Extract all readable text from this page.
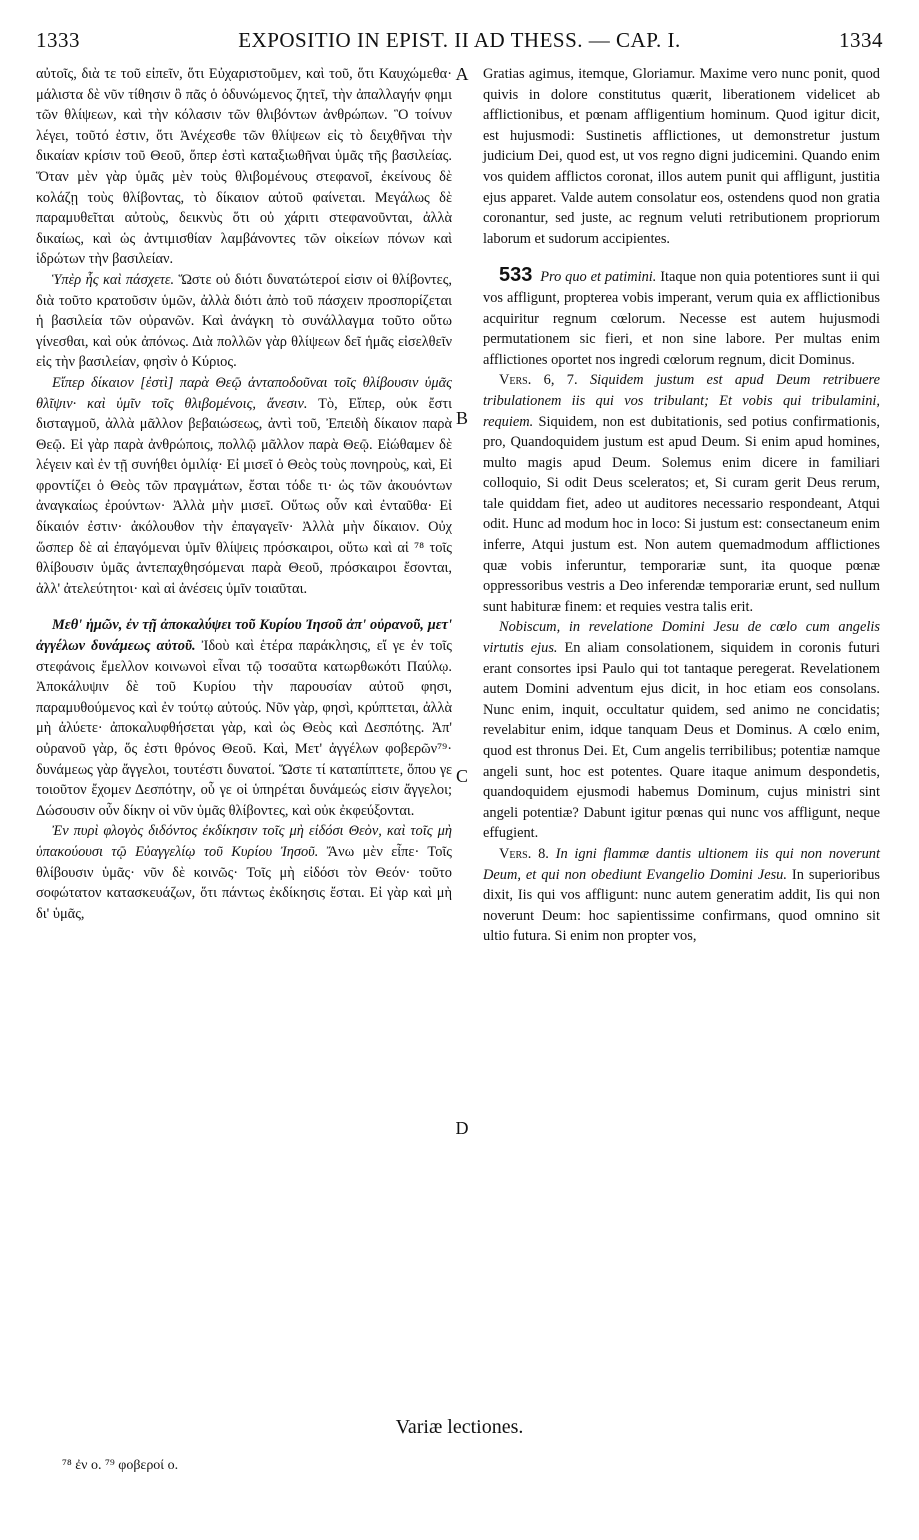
1333	EXPOSITIO IN EPIST. II AD THESS. — CAP. I.	1334

αὐτοῖς, διὰ τε τοῦ εἰπεῖν, ὅτι Εὐχαριστοῦμεν, καὶ τοῦ, ὅτι Καυχώμεθα· μάλιστα δὲ νῦν τίθησιν ὃ πᾶς ὁ ὀδυνώμενος ζητεῖ, τὴν ἀπαλλαγήν φημι τῶν θλίψεων, καὶ τὴν κόλασιν τῶν θλιβόντων ἀνθρώπων. Ὃ τοίνυν λέγει, τοῦτό ἐστιν, ὅτι Ἀνέχεσθε τῶν θλίψεων εἰς τὸ δειχθῆναι τὴν δικαίαν κρίσιν τοῦ Θεοῦ, ὅπερ ἐστὶ καταξιωθῆναι ὑμᾶς τῆς βασιλείας. Ὅταν μὲν γὰρ ὑμᾶς μὲν τοὺς θλιβομένους στεφανοῖ, ἐκείνους δὲ κολάζῃ τοὺς θλίβοντας, τὸ δίκαιον αὐτοῦ φαίνεται. Μεγάλως δὲ παραμυθεῖται αὐτοὺς, δεικνὺς ὅτι οὐ χάριτι στεφανοῦνται, ἀλλὰ δικαίως, καὶ ὡς ἀντιμισθίαν λαμβάνοντες τῶν οἰκείων πόνων καὶ ἱδρώτων τὴν βασιλείαν.

Ὑπὲρ ἧς καὶ πάσχετε. Ὥστε οὐ διότι δυνατώτεροί εἰσιν οἱ θλίβοντες, διὰ τοῦτο κρατοῦσιν ὑμῶν, ἀλλὰ διότι ἀπὸ τοῦ πάσχειν προσπορίζεται ἡ βασιλεία τῶν οὐρανῶν. Καὶ ἀνάγκη τὸ συνάλλαγμα τοῦτο οὕτω γίνεσθαι, καὶ οὐκ ἀπόνως. Διὰ πολλῶν γὰρ θλίψεων δεῖ ἡμᾶς εἰσελθεῖν εἰς τὴν βασιλείαν, φησὶν ὁ Κύριος.

Εἴπερ δίκαιον [ἐστὶ] παρὰ Θεῷ ἀνταποδοῦναι τοῖς θλίβουσιν ὑμᾶς θλῖψιν· καὶ ὑμῖν τοῖς θλιβομένοις, ἄνεσιν. Τὸ, Εἴπερ, οὐκ ἔστι δισταγμοῦ, ἀλλὰ μᾶλλον βεβαιώσεως, ἀντὶ τοῦ, Ἐπειδὴ δίκαιον παρὰ Θεῷ. Εἰ γὰρ παρὰ ἀνθρώποις, πολλῷ μᾶλλον παρὰ Θεῷ. Εἰώθαμεν δὲ λέγειν καὶ ἐν τῇ συνήθει ὁμιλίᾳ· Εἰ μισεῖ ὁ Θεὸς τοὺς πονηροὺς, καὶ, Εἰ φροντίζει ὁ Θεὸς τῶν πραγμάτων, ἔσται τόδε τι· ὡς τῶν ἀκουόντων ἀναγκαίως ἐρούντων· Ἀλλὰ μὴν μισεῖ. Οὕτως οὖν καὶ ἐνταῦθα· Εἰ δίκαιόν ἐστιν· ἀκόλουθον τὴν ἐπαγαγεῖν· Ἀλλὰ μὴν δίκαιον. Οὐχ ὥσπερ δὲ αἱ ἐπαγόμεναι ὑμῖν θλίψεις πρόσκαιροι, οὕτω καὶ αἱ ⁷⁸ τοῖς θλίβουσιν ὑμᾶς ἀντεπαχθησόμεναι παρὰ Θεοῦ, πρόσκαιροι ἔσονται, ἀλλ' ἀτελεύτητοι· καὶ αἱ ἀνέσεις ὑμῖν τοιαῦται.

Μεθ' ἡμῶν, ἐν τῇ ἀποκαλύψει τοῦ Κυρίου Ἰησοῦ ἀπ' οὐρανοῦ, μετ' ἀγγέλων δυνάμεως αὐτοῦ. Ἰδοὺ καὶ ἑτέρα παράκλησις, εἴ γε ἐν τοῖς στεφάνοις ἔμελλον κοινωνοὶ εἶναι τῷ τοσαῦτα κατωρθωκότι Παύλῳ. Ἀποκάλυψιν δὲ τοῦ Κυρίου τὴν παρουσίαν αὐτοῦ φησι, παραμυθούμενος καὶ ἐν τούτῳ αὐτούς. Νῦν γὰρ, φησὶ, κρύπτεται, ἀλλὰ μὴ ἀλύετε· ἀποκαλυφθήσεται γὰρ, καὶ ὡς Θεὸς καὶ Δεσπότης. Ἀπ' οὐρανοῦ γὰρ, ὅς ἐστι θρόνος Θεοῦ. Καὶ, Μετ' ἀγγέλων φοβερῶν⁷⁹· δυνάμεως γὰρ ἄγγελοι, τουτέστι δυνατοί. Ὥστε τί καταπίπτετε, ὅπου γε τοιοῦτον ἔχομεν Δεσπότην, οὗ γε οἱ ὑπηρέται δυνάμεώς εἰσιν ἄγγελοι; Δώσουσιν οὖν δίκην οἱ νῦν ὑμᾶς θλίβοντες, καὶ οὐκ ἐκφεύξονται.

Ἐν πυρὶ φλογὸς διδόντος ἐκδίκησιν τοῖς μὴ εἰδόσι Θεὸν, καὶ τοῖς μὴ ὑπακούουσι τῷ Εὐαγγελίῳ τοῦ Κυρίου Ἰησοῦ. Ἄνω μὲν εἶπε· Τοῖς θλίβουσιν ὑμᾶς· νῦν δὲ κοινῶς· Τοῖς μὴ εἰδόσι τὸν Θεόν· τοῦτο σοφώτατον κατασκευάζων, ὅτι πάντως ἐκδίκησις ἔσται. Εἰ γὰρ καὶ μὴ δι' ὑμᾶς,

A
B
C
D

Gratias agimus, itemque, Gloriamur. Maxime vero nunc ponit, quod quivis in dolore constitutus quærit, liberationem videlicet ab afflictionibus, et pœnam affligentium hominum. Quod igitur dicit, est hujusmodi: Sustinetis afflictiones, ut demonstretur justum judicium Dei, quod est, ut vos regno digni judicemini. Quando enim vos quidem afflictos coronat, illos autem punit qui affligunt, justitia ejus apparet. Valde autem consolatur eos, ostendens quod non gratia coronantur, sed juste, ac regnum veluti retributionem propriorum laborum et sudorum accipientes.

533 Pro quo et patimini. Itaque non quia potentiores sunt ii qui vos affligunt, propterea vobis imperant, verum quia ex afflictionibus acquiritur regnum cœlorum. Necesse est autem hujusmodi permutationem sic fieri, et non sine labore. Per multas enim afflictiones oportet nos ingredi cœlorum regnum, dicit Dominus.

Vers. 6, 7. Siquidem justum est apud Deum retribuere tribulationem iis qui vos tribulant; Et vobis qui tribulamini, requiem. Siquidem, non est dubitationis, sed potius confirmationis, pro, Quandoquidem justum est apud Deum. Si enim apud homines, multo magis apud Deum. Solemus enim dicere in familiari colloquio, Si odit Deus sceleratos; et, Si curam gerit Deus rerum, tale quiddam fiet, adeo ut auditores necessario respondeant, Atqui odit. Hunc ad modum hoc in loco: Si justum est: consectaneum enim inferre, Atqui justum est. Non autem quemadmodum afflictiones quæ vobis inferuntur, temporariæ sunt, ita quoque pœnæ oppressoribus vestris a Deo inferendæ temporariæ erunt, sed nullum sunt habituræ finem: et requies vestra talis erit.

Nobiscum, in revelatione Domini Jesu de cœlo cum angelis virtutis ejus. En aliam consolationem, siquidem in coronis futuri erant consortes ipsi Paulo qui tot tantaque peregerat. Revelationem autem Domini adventum ejus dicit, in hoc etiam eos consolans. Nunc enim, inquit, occultatur quidem, sed animo ne concidatis; revelabitur enim, idque tanquam Deus et Dominus. A cœlo enim, quod est thronus Dei. Et, Cum angelis terribilibus; potentiæ namque angeli sunt, hoc est potentes. Quare itaque animum despondetis, quandoquidem ejusmodi habemus Dominum, cujus ministri sint angeli potentiæ? Dabunt igitur pœnas qui nunc vos affligunt, neque effugient.

Vers. 8. In igni flammæ dantis ultionem iis qui non noverunt Deum, et qui non obediunt Evangelio Domini Jesu. In superioribus dixit, Iis qui vos affligunt: nunc autem generatim addit, Iis qui non noverunt Deum: hoc sapientissime confirmans, quod omnino sit ultio futura. Si enim non propter vos,

Variæ lectiones.
⁷⁸ ἐν ο. ⁷⁹ φοβεροί ο.
